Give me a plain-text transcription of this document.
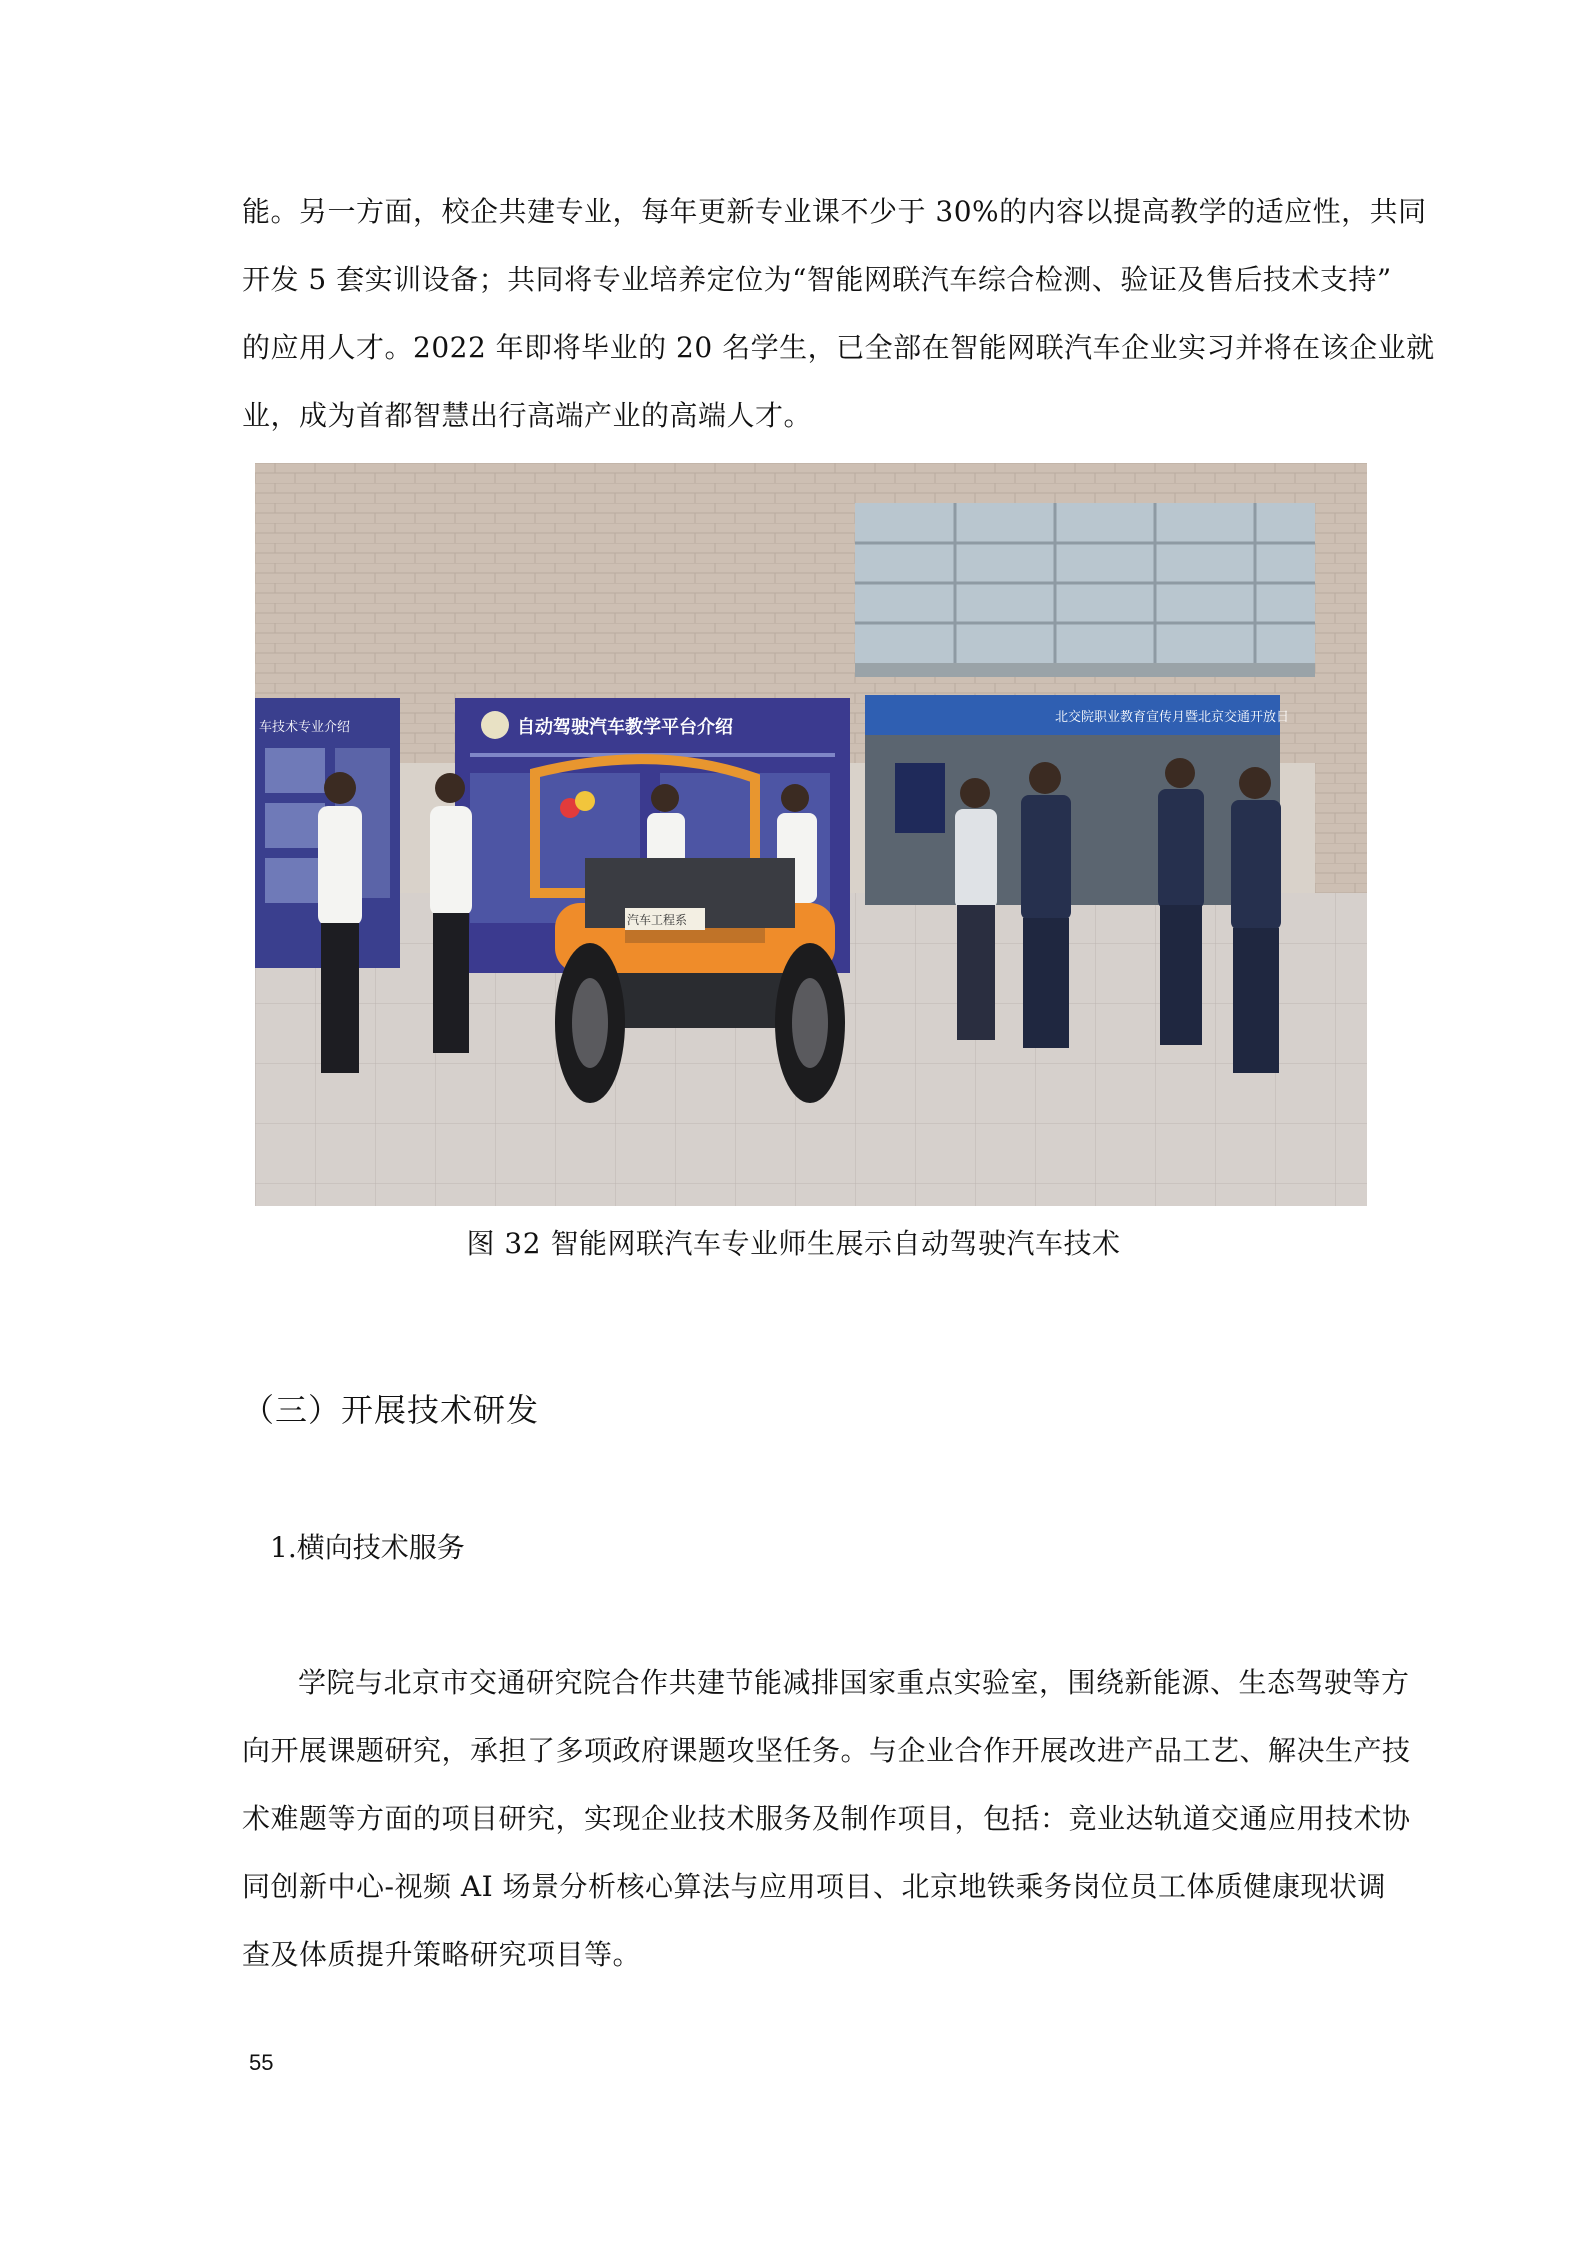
能。另一方面，校企共建专业，每年更新专业课不少于 30%的内容以提高教学的适应性，共同
开发 5 套实训设备；共同将专业培养定位为“智能网联汽车综合检测、验证及售后技术支持”
的应用人才。2022 年即将毕业的 20 名学生，已全部在智能网联汽车企业实习并将在该企业就
业，成为首都智慧出行高端产业的高端人才。
车技术专业介绍	自动驾驶汽车教学平台介绍	北交院职业教育宣传月暨北京交通开放日
汽车工程系
图 32 智能网联汽车专业师生展示自动驾驶汽车技术
（三）开展技术研发
1.横向技术服务
学院与北京市交通研究院合作共建节能减排国家重点实验室，围绕新能源、生态驾驶等方
向开展课题研究，承担了多项政府课题攻坚任务。与企业合作开展改进产品工艺、解决生产技
术难题等方面的项目研究，实现企业技术服务及制作项目，包括：竞业达轨道交通应用技术协
同创新中心-视频 AI 场景分析核心算法与应用项目、北京地铁乘务岗位员工体质健康现状调
查及体质提升策略研究项目等。
55
